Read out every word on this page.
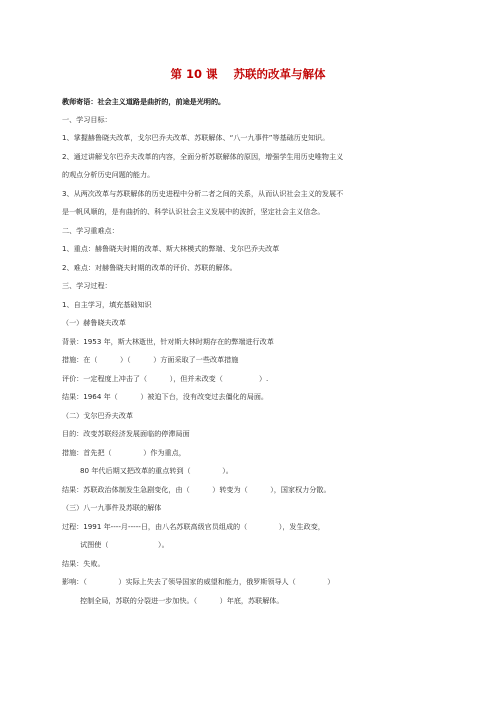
第 10 课    苏联的改革与解体
教师寄语：社会主义道路是曲折的，前途是光明的。
一、学习目标：
1、掌握赫鲁晓夫改革，戈尔巴乔夫改革、苏联解体、“八一九事件”等基础历史知识。
2、通过讲解戈尔巴乔夫改革的内容，全面分析苏联解体的原因，增强学生用历史唯物主义
的观点分析历史问题的能力。
3、从两次改革与苏联解体的历史进程中分析二者之间的关系，从而认识社会主义的发展不
是一帆风顺的，是有曲折的、科学认识社会主义发展中的波折，坚定社会主义信念。
二、学习重难点：
1、重点：赫鲁晓夫时期的改革、斯大林模式的弊端、戈尔巴乔夫改革
2、难点：对赫鲁晓夫时期的改革的评价、苏联的解体。
三、学习过程：
1、自主学习，填充基础知识
（一）赫鲁晓夫改革
背景：1953 年，斯大林逝世，针对斯大林时期存在的弊端进行改革
措施：在（          ）（          ）方面采取了一些改革措施
评价：一定程度上冲击了（          ），但并未改变（                ）.
结果：1964 年（          ）被迫下台，没有改变过去僵化的局面。
（二）戈尔巴乔夫改革
目的：改变苏联经济发展面临的停滞局面
措施：首先把（              ）作为重点，
80 年代后期又把改革的重点转到（              ）。
结果：苏联政治体制发生急剧变化，由（          ）转变为（          ），国家权力分散。
（三）八一九事件及苏联的解体
过程：1991 年----月-----日，由八名苏联高级官员组成的（              ），发生政变，
试图使（                      ）。
结果：失败。
影响：（              ）实际上失去了领导国家的威望和能力，俄罗斯领导人（              ）
控制全局，苏联的分裂进一步加快。（          ）年底，苏联解体。
